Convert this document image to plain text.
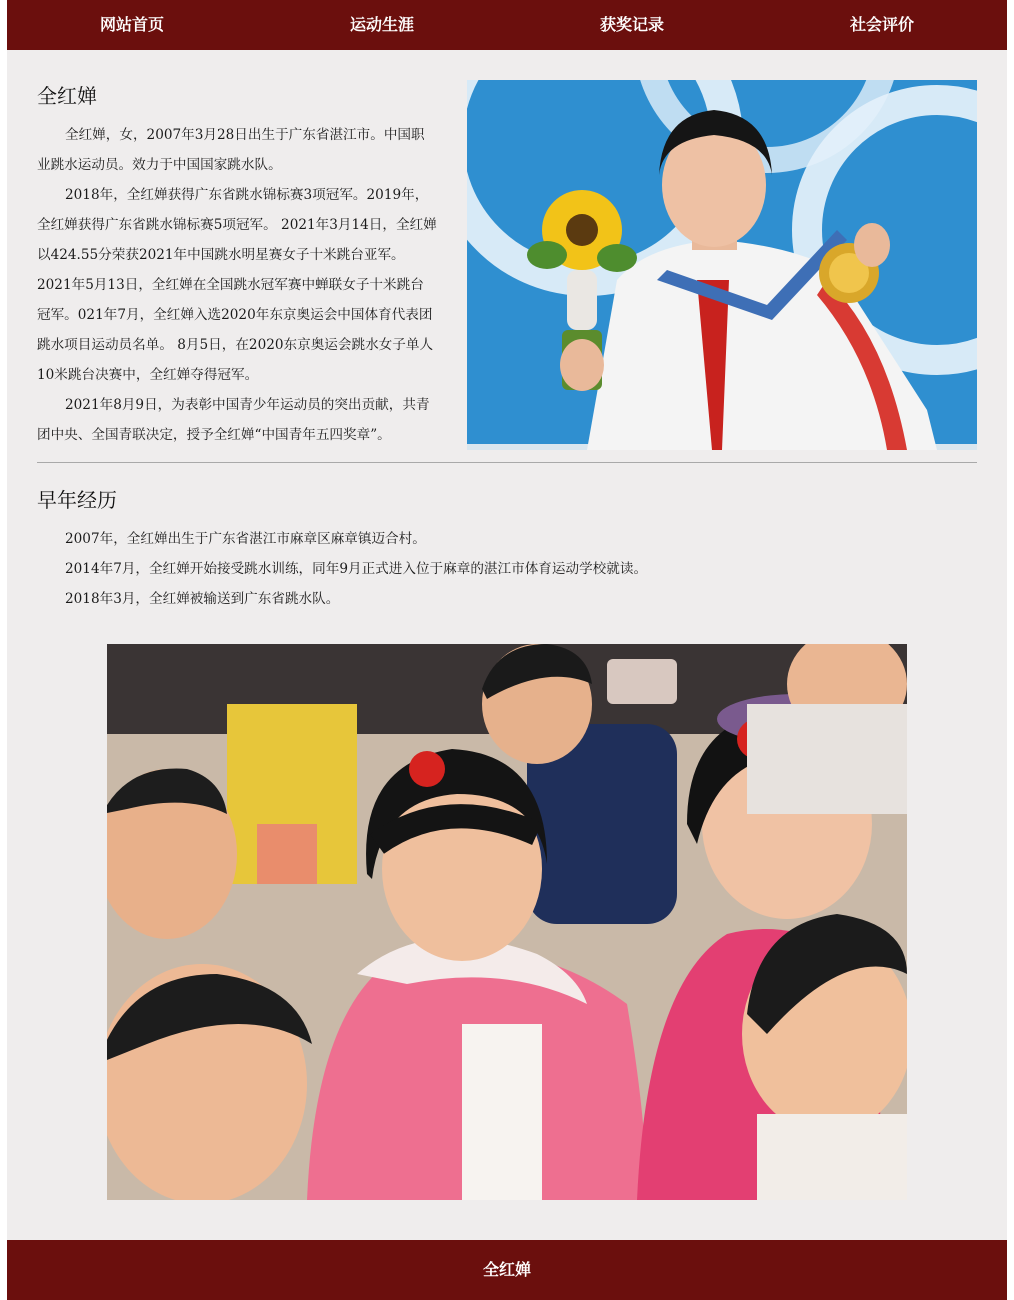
网站首页	运动生涯	获奖记录	社会评价
全红婵

全红婵，女，2007年3月28日出生于广东省湛江市。中国职业跳水运动员。效力于中国国家跳水队。

2018年，全红婵获得广东省跳水锦标赛3项冠军。2019年，全红婵获得广东省跳水锦标赛5项冠军。 2021年3月14日，全红婵以424.55分荣获2021年中国跳水明星赛女子十米跳台亚军。 2021年5月13日，全红婵在全国跳水冠军赛中蝉联女子十米跳台冠军。021年7月，全红婵入选2020年东京奥运会中国体育代表团跳水项目运动员名单。 8月5日，在2020东京奥运会跳水女子单人10米跳台决赛中，全红婵夺得冠军。

2021年8月9日，为表彰中国青少年运动员的突出贡献，共青团中央、全国青联决定，授予全红婵“中国青年五四奖章”。

早年经历

2007年，全红婵出生于广东省湛江市麻章区麻章镇迈合村。

2014年7月，全红婵开始接受跳水训练，同年9月正式进入位于麻章的湛江市体育运动学校就读。

2018年3月，全红婵被输送到广东省跳水队。

全红婵
